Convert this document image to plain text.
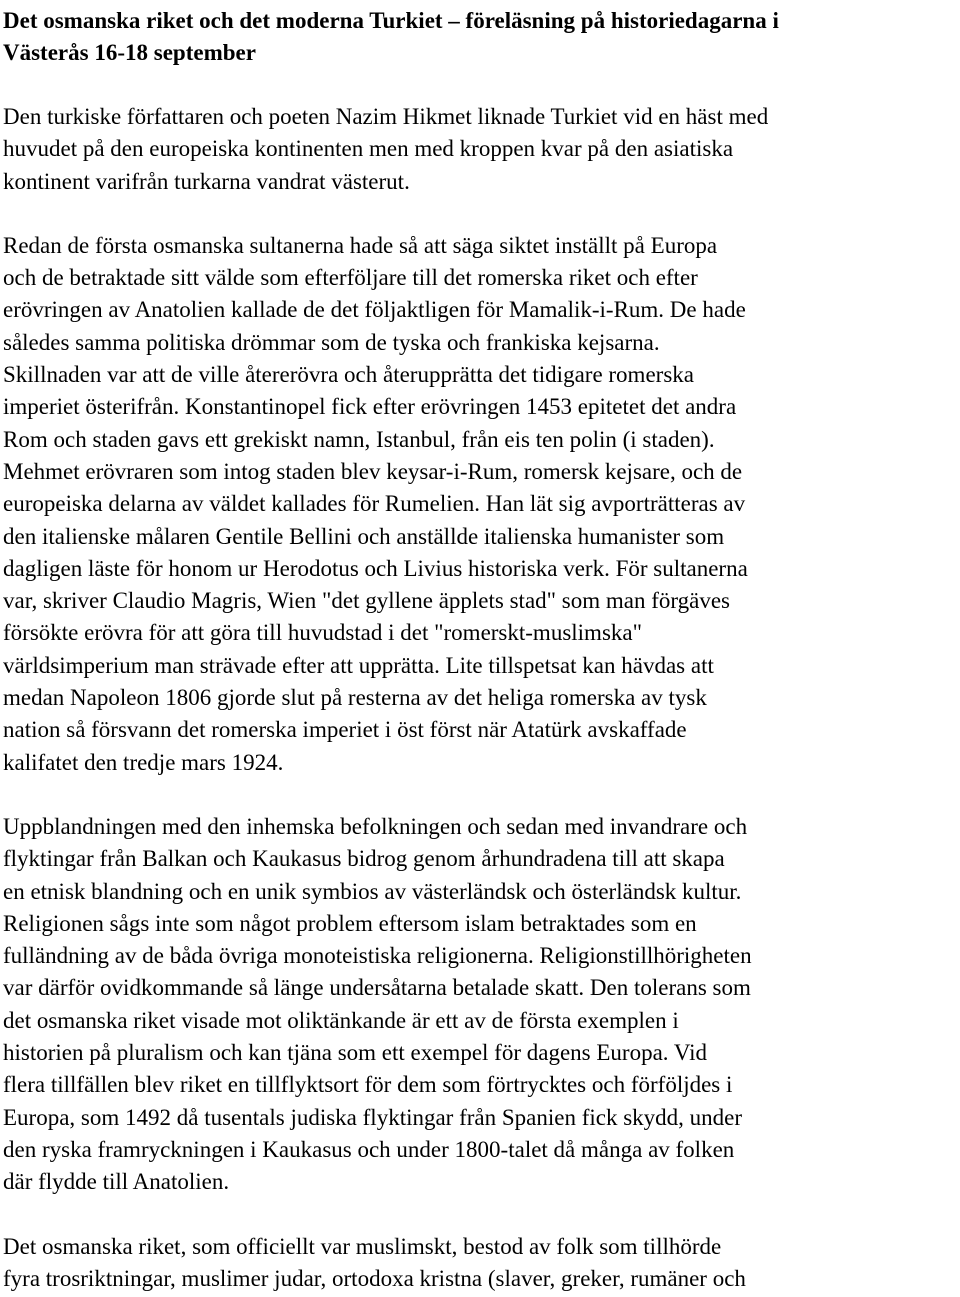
Det osmanska riket och det moderna Turkiet – föreläsning på historiedagarna i
Västerås 16-18 september
Den turkiske författaren och poeten Nazim Hikmet liknade Turkiet vid en häst med
huvudet på den europeiska kontinenten men med kroppen kvar på den asiatiska
kontinent varifrån turkarna vandrat västerut.
Redan de första osmanska sultanerna hade så att säga siktet inställt på Europa
och de betraktade sitt välde som efterföljare till det romerska riket och efter
erövringen av Anatolien kallade de det följaktligen för Mamalik-i-Rum. De hade
således samma politiska drömmar som de tyska och frankiska kejsarna.
Skillnaden var att de ville återerövra och återupprätta det tidigare romerska
imperiet österifrån. Konstantinopel fick efter erövringen 1453 epitetet det andra
Rom och staden gavs ett grekiskt namn, Istanbul, från eis ten polin (i staden).
Mehmet erövraren som intog staden blev keysar-i-Rum, romersk kejsare, och de
europeiska delarna av väldet kallades för Rumelien. Han lät sig avporträtteras av
den italienske målaren Gentile Bellini och anställde italienska humanister som
dagligen läste för honom ur Herodotus och Livius historiska verk. För sultanerna
var, skriver Claudio Magris, Wien "det gyllene äpplets stad" som man förgäves
försökte erövra för att göra till huvudstad i det "romerskt-muslimska"
världsimperium man strävade efter att upprätta. Lite tillspetsat kan hävdas att
medan Napoleon 1806 gjorde slut på resterna av det heliga romerska av tysk
nation så försvann det romerska imperiet i öst först när Atatürk avskaffade
kalifatet den tredje mars 1924.
Uppblandningen med den inhemska befolkningen och sedan med invandrare och
flyktingar från Balkan och Kaukasus bidrog genom århundradena till att skapa
en etnisk blandning och en unik symbios av västerländsk och österländsk kultur.
Religionen sågs inte som något problem eftersom islam betraktades som en
fulländning av de båda övriga monoteistiska religionerna. Religionstillhörigheten
var därför ovidkommande så länge undersåtarna betalade skatt. Den tolerans som
det osmanska riket visade mot oliktänkande är ett av de första exemplen i
historien på pluralism och kan tjäna som ett exempel för dagens Europa. Vid
flera tillfällen blev riket en tillflyktsort för dem som förtrycktes och förföljdes i
Europa, som 1492 då tusentals judiska flyktingar från Spanien fick skydd, under
den ryska framryckningen i Kaukasus och under 1800-talet då många av folken
där flydde till Anatolien.
Det osmanska riket, som officiellt var muslimskt, bestod av folk som tillhörde
fyra trosriktningar, muslimer judar, ortodoxa kristna (slaver, greker, rumäner och
